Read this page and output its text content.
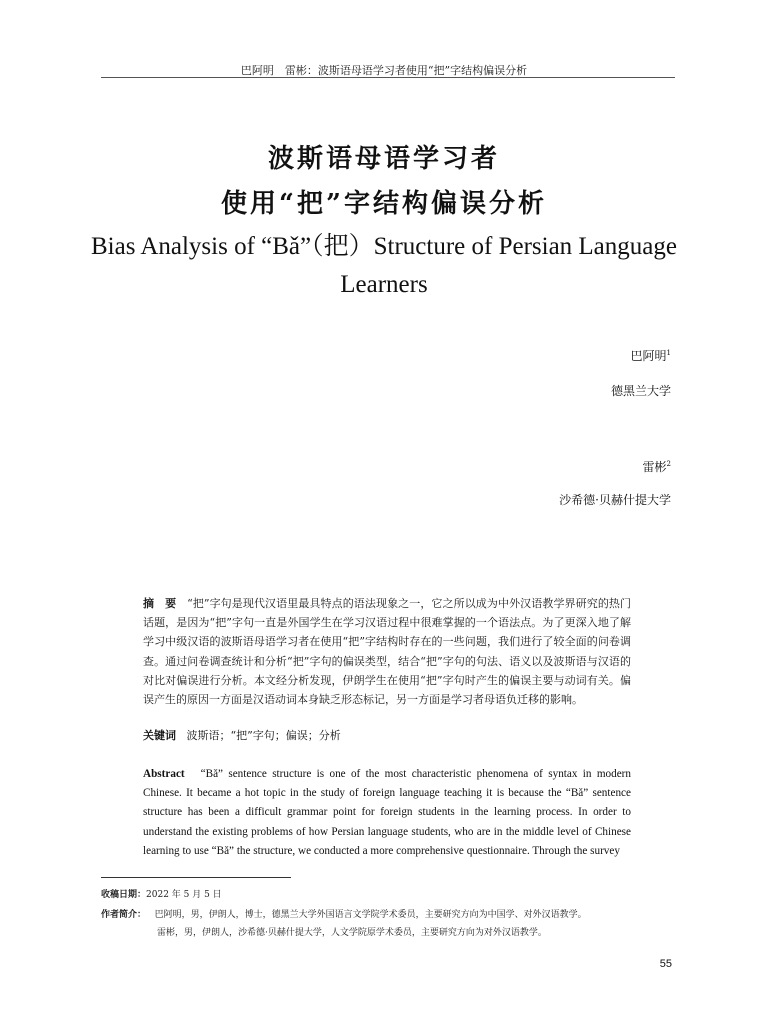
巴阿明　雷彬：波斯语母语学习者使用“把”字结构偏误分析
波斯语母语学习者
使用“把”字结构偏误分析
Bias Analysis of “Bǎ”（把）Structure of Persian Language Learners
巴阿明$^1$
德黑兰大学
雷彬$^2$
沙希德·贝赫什提大学
摘　要 “把”字句是现代汉语里最具特点的语法现象之一，它之所以成为中外汉语教学界研究的热门话题，是因为“把”字句一直是外国学生在学习汉语过程中很难掌握的一个语法点。为了更深入地了解学习中级汉语的波斯语母语学习者在使用“把”字结构时存在的一些问题，我们进行了较全面的问卷调查。通过问卷调查统计和分析“把”字句的偏误类型，结合“把”字句的句法、语义以及波斯语与汉语的对比对偏误进行分析。本文经分析发现，伊朗学生在使用“把”字句时产生的偏误主要与动词有关。偏误产生的原因一方面是汉语动词本身缺乏形态标记，另一方面是学习者母语负迁移的影响。
关键词 波斯语；“把”字句；偏误；分析
Abstract “Bǎ” sentence structure is one of the most characteristic phenomena of syntax in modern Chinese. It became a hot topic in the study of foreign language teaching it is because the “Bǎ” sentence structure has been a difficult grammar point for foreign students in the learning process. In order to understand the existing problems of how Persian language students, who are in the middle level of Chinese learning to use “Bǎ” the structure, we conducted a more comprehensive questionnaire. Through the survey
收稿日期：2022 年 5 月 5 日
作者简介： 巴阿明，男，伊朗人，博士，德黑兰大学外国语言文学院学术委员，主要研究方向为中国学、对外汉语教学。
雷彬，男，伊朗人，沙希德·贝赫什提大学，人文学院原学术委员，主要研究方向为对外汉语教学。
55
